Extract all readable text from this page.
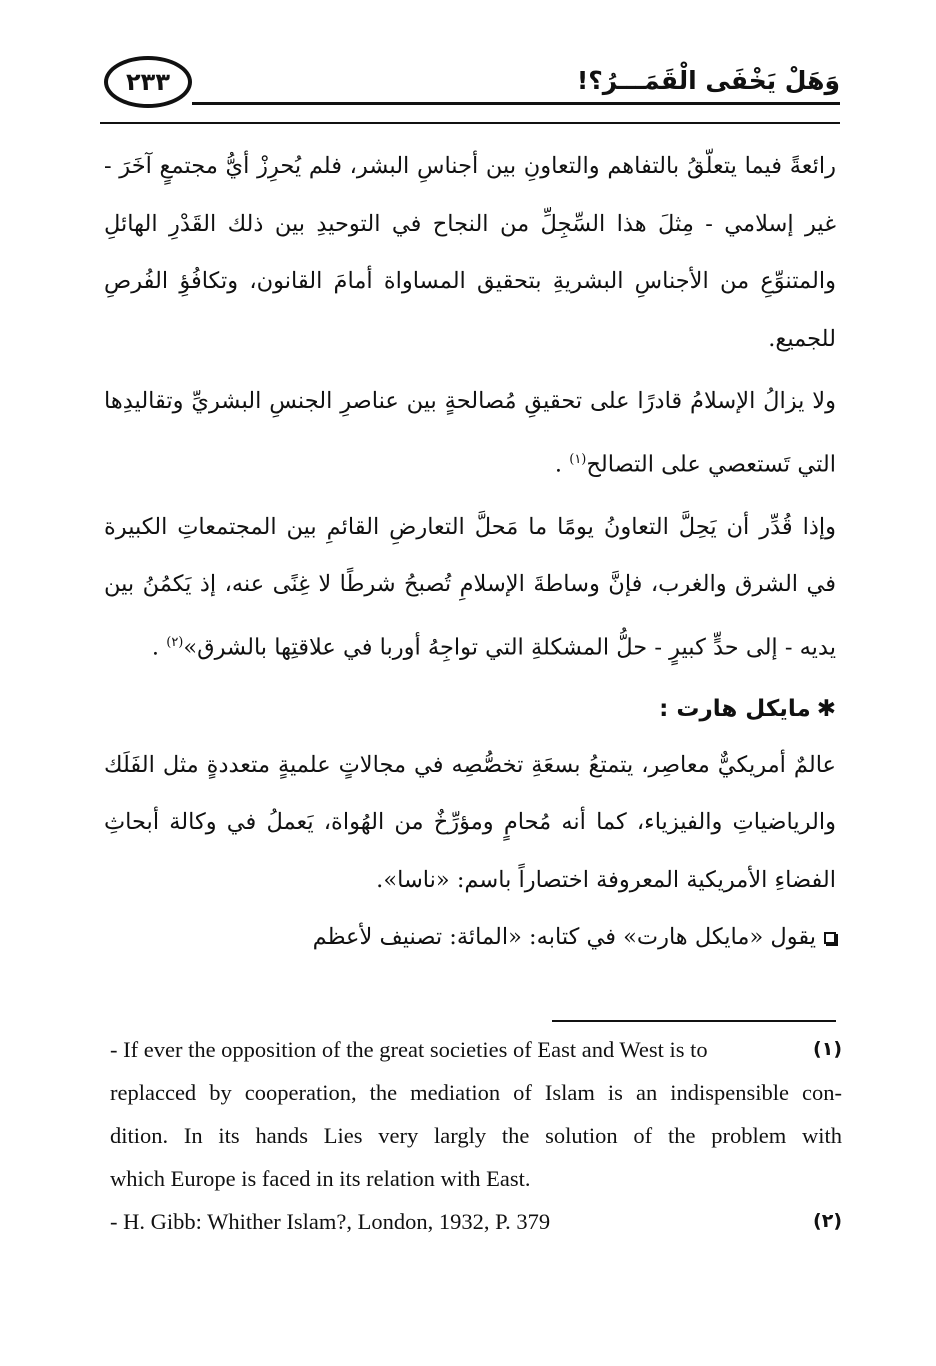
٢٣٣	وَهَلْ يَخْفَى الْقَمَـــرُ؟!

رائعةً فيما يتعلّقُ بالتفاهم والتعاونِ بين أجناسِ البشر، فلم يُحرِزْ أيُّ مجتمعٍ آخَرَ - غير إسلامي - مِثلَ هذا السِّجِلِّ من النجاح في التوحيدِ بين ذلك القَدْرِ الهائلِ والمتنوِّعِ من الأجناسِ البشريةِ بتحقيق المساواة أمامَ القانون، وتكافُؤِ الفُرصِ للجميع.

ولا يزالُ الإسلامُ قادرًا على تحقيقِ مُصالحةٍ بين عناصرِ الجنسِ البشريِّ وتقاليدِها التي تَستعصي على التصالح$^{(١)}$ .

وإذا قُدِّر أن يَحِلَّ التعاونُ يومًا ما مَحلَّ التعارضِ القائمِ بين المجتمعاتِ الكبيرة في الشرق والغرب، فإنَّ وساطةَ الإسلامِ تُصبحُ شرطًا لا غِنًى عنه، إذ يَكمُنُ بين يديه - إلى حدٍّ كبيرٍ - حلُّ المشكلةِ التي تواجِهُ أوربا في علاقتِها بالشرق»$^{(٢)}$ .

✱مايكل هارت :

عالمٌ أمريكيٌّ معاصِر، يتمتعُ بسعَةِ تخصُّصِه في مجالاتٍ علميةٍ متعددةٍ مثل الفَلَك والرياضياتِ والفيزياء، كما أنه مُحامٍ ومؤرِّخٌ من الهُواة، يَعملُ في وكالة أبحاثِ الفضاءِ الأمريكية المعروفة اختصاراً باسم: «ناسا».

يقول «مايكل هارت» في كتابه: «المائة: تصنيف لأعظم

- If ever the opposition of the great societies of East and West is to	(١)
replacced by cooperation, the mediation of Islam is an indispensible con-
dition. In its hands Lies very largly the solution of the problem with
which Europe is faced in its relation with East.
- H. Gibb: Whither Islam?, London, 1932, P. 379	(٢)
